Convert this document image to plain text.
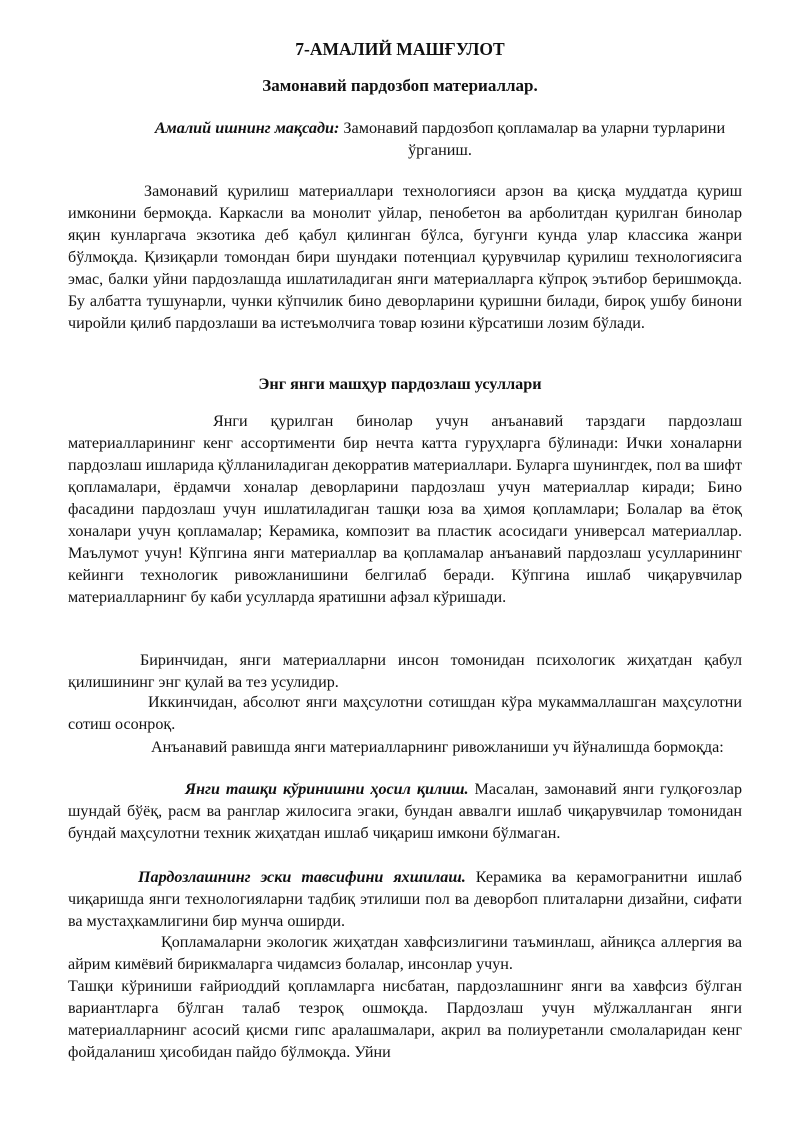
7-АМАЛИЙ МАШҒУЛОТ
Замонавий пардозбоп материаллар.

Амалий ишнинг мақсади: Замонавий пардозбоп қопламалар ва уларни турларини ўрганиш.

Замонавий қурилиш материаллари технологияси арзон ва қисқа муддатда қуриш имконини бермоқда. Каркасли ва монолит уйлар, пенобетон ва арболитдан қурилган бинолар яқин кунларгача экзотика деб қабул қилинган бўлса, бугунги кунда улар классика жанри бўлмоқда. Қизиқарли томондан бири шундаки потенциал қурувчилар қурилиш технологиясига эмас, балки уйни пардозлашда ишлатиладиган янги материалларга кўпроқ эътибор беришмоқда. Бу албатта тушунарли, чунки кўпчилик бино деворларини қуришни билади, бироқ ушбу бинони чиройли қилиб пардозлаши ва истеъмолчига товар юзини кўрсатиши лозим бўлади.

Энг янги машҳур пардозлаш усуллари

Янги қурилган бинолар учун анъанавий тарздаги пардозлаш материалларининг кенг ассортименти бир нечта катта гуруҳларга бўлинади: Ички хоналарни пардозлаш ишларида қўлланиладиган декорратив материаллари. Буларга шунингдек, пол ва шифт қопламалари, ёрдамчи хоналар деворларини пардозлаш учун материаллар киради; Бино фасадини пардозлаш учун ишлатиладиган ташқи юза ва ҳимоя қопламлари; Болалар ва ётоқ хоналари учун қопламалар; Керамика, композит ва пластик асосидаги универсал материаллар. Маълумот учун! Кўпгина янги материаллар ва қопламалар анъанавий пардозлаш усулларининг кейинги технологик ривожланишини белгилаб беради. Кўпгина ишлаб чиқарувчилар материалларнинг бу каби усулларда яратишни афзал кўришади.

Биринчидан, янги материалларни инсон томонидан психологик жиҳатдан қабул қилишининг энг қулай ва тез усулидир.

Иккинчидан, абсолют янги маҳсулотни сотишдан кўра мукаммаллашган маҳсулотни сотиш осонроқ.

Анъанавий равишда янги материалларнинг ривожланиши уч йўналишда бормоқда:

Янги ташқи кўринишни ҳосил қилиш. Масалан, замонавий янги гулқоғозлар шундай бўёқ, расм ва ранглар жилосига эгаки, бундан аввалги ишлаб чиқарувчилар томонидан бундай маҳсулотни техник жиҳатдан ишлаб чиқариш имкони бўлмаган.

Пардозлашнинг эски тавсифини яхшилаш. Керамика ва керамогранитни ишлаб чиқаришда янги технологияларни тадбиқ этилиши пол ва деворбоп плиталарни дизайни, сифати ва мустаҳкамлигини бир мунча оширди.

Қопламаларни экологик жиҳатдан хавфсизлигини таъминлаш, айниқса аллергия ва айрим кимёвий бирикмаларга чидамсиз болалар, инсонлар учун.

Ташқи кўриниши ғайриоддий қопламларга нисбатан, пардозлашнинг янги ва хавфсиз бўлган вариантларга бўлган талаб тезроқ ошмоқда. Пардозлаш учун мўлжалланган янги материалларнинг асосий қисми гипс аралашмалари, акрил ва полиуретанли смолаларидан кенг фойдаланиш ҳисобидан пайдо бўлмоқда. Уйни
